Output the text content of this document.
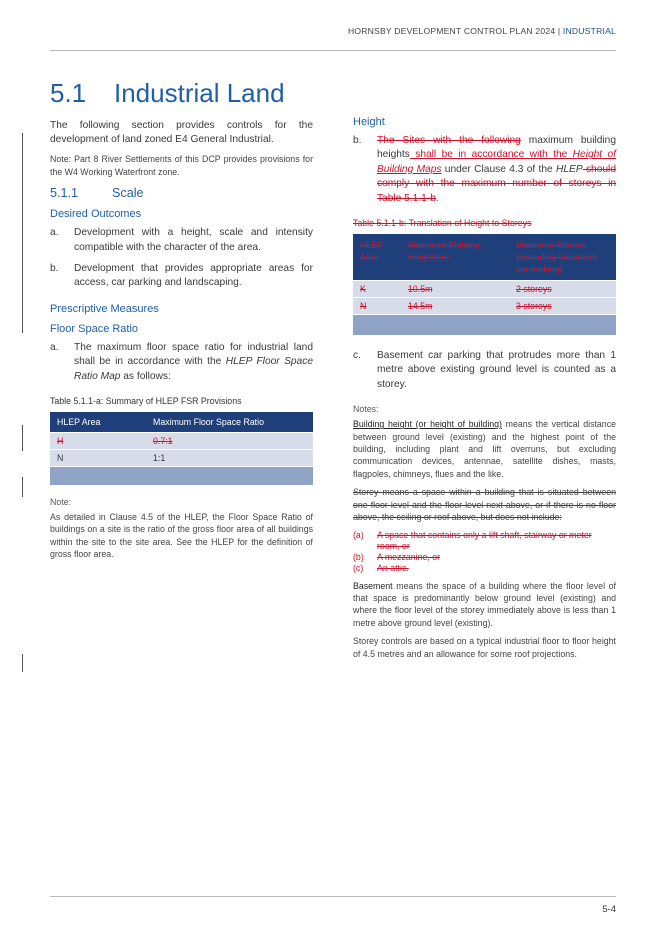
HORNSBY DEVELOPMENT CONTROL PLAN 2024 | INDUSTRIAL
5.1 Industrial Land

The following section provides controls for the development of land zoned E4 General Industrial.

Note: Part 8 River Settlements of this DCP provides provisions for the W4 Working Waterfront zone.

5.1.1	Scale
Desired Outcomes
a. Development with a height, scale and intensity compatible with the character of the area.
b. Development that provides appropriate areas for access, car parking and landscaping.
Prescriptive Measures
Floor Space Ratio
a. The maximum floor space ratio for industrial land shall be in accordance with the HLEP Floor Space Ratio Map as follows:
Table 5.1.1-a: Summary of HLEP FSR Provisions
HLEP Area	Maximum Floor Space Ratio
H	0.7:1
N	1:1

Note:

As detailed in Clause 4.5 of the HLEP, the Floor Space Ratio of buildings on a site is the ratio of the gross floor area of all buildings within the site to the site area. See the HLEP for the definition of gross floor area.

Height
b. The Sites with the following maximum building heights shall be in accordance with the Height of Building Maps under Clause 4.3 of the HLEP should comply with the maximum number of storeys in Table 5.1.1-b.
Table 5.1.1-b: Translation of Height to Storeys
HLEP Area	Maximum Building Height (m)	Maximum Storeys (excluding basement car parking)
K	10.5m	2 storeys
N	14.5m	3 storeys

c. Basement car parking that protrudes more than 1 metre above existing ground level is counted as a storey.
Notes:

Building height (or height of building) means the vertical distance between ground level (existing) and the highest point of the building, including plant and lift overruns, but excluding communication devices, antennae, satellite dishes, masts, flagpoles, chimneys, flues and the like.

Storey means a space within a building that is situated between one floor level and the floor level next above, or if there is no floor above, the ceiling or roof above, but does not include:

(a) A space that contains only a lift shaft, stairway or meter room, or
(b) A mezzanine, or
(c) An attic.

Basement means the space of a building where the floor level of that space is predominantly below ground level (existing) and where the floor level of the storey immediately above is less than 1 metre above ground level (existing).

Storey controls are based on a typical industrial floor to floor height of 4.5 metres and an allowance for some roof projections.

5-4
